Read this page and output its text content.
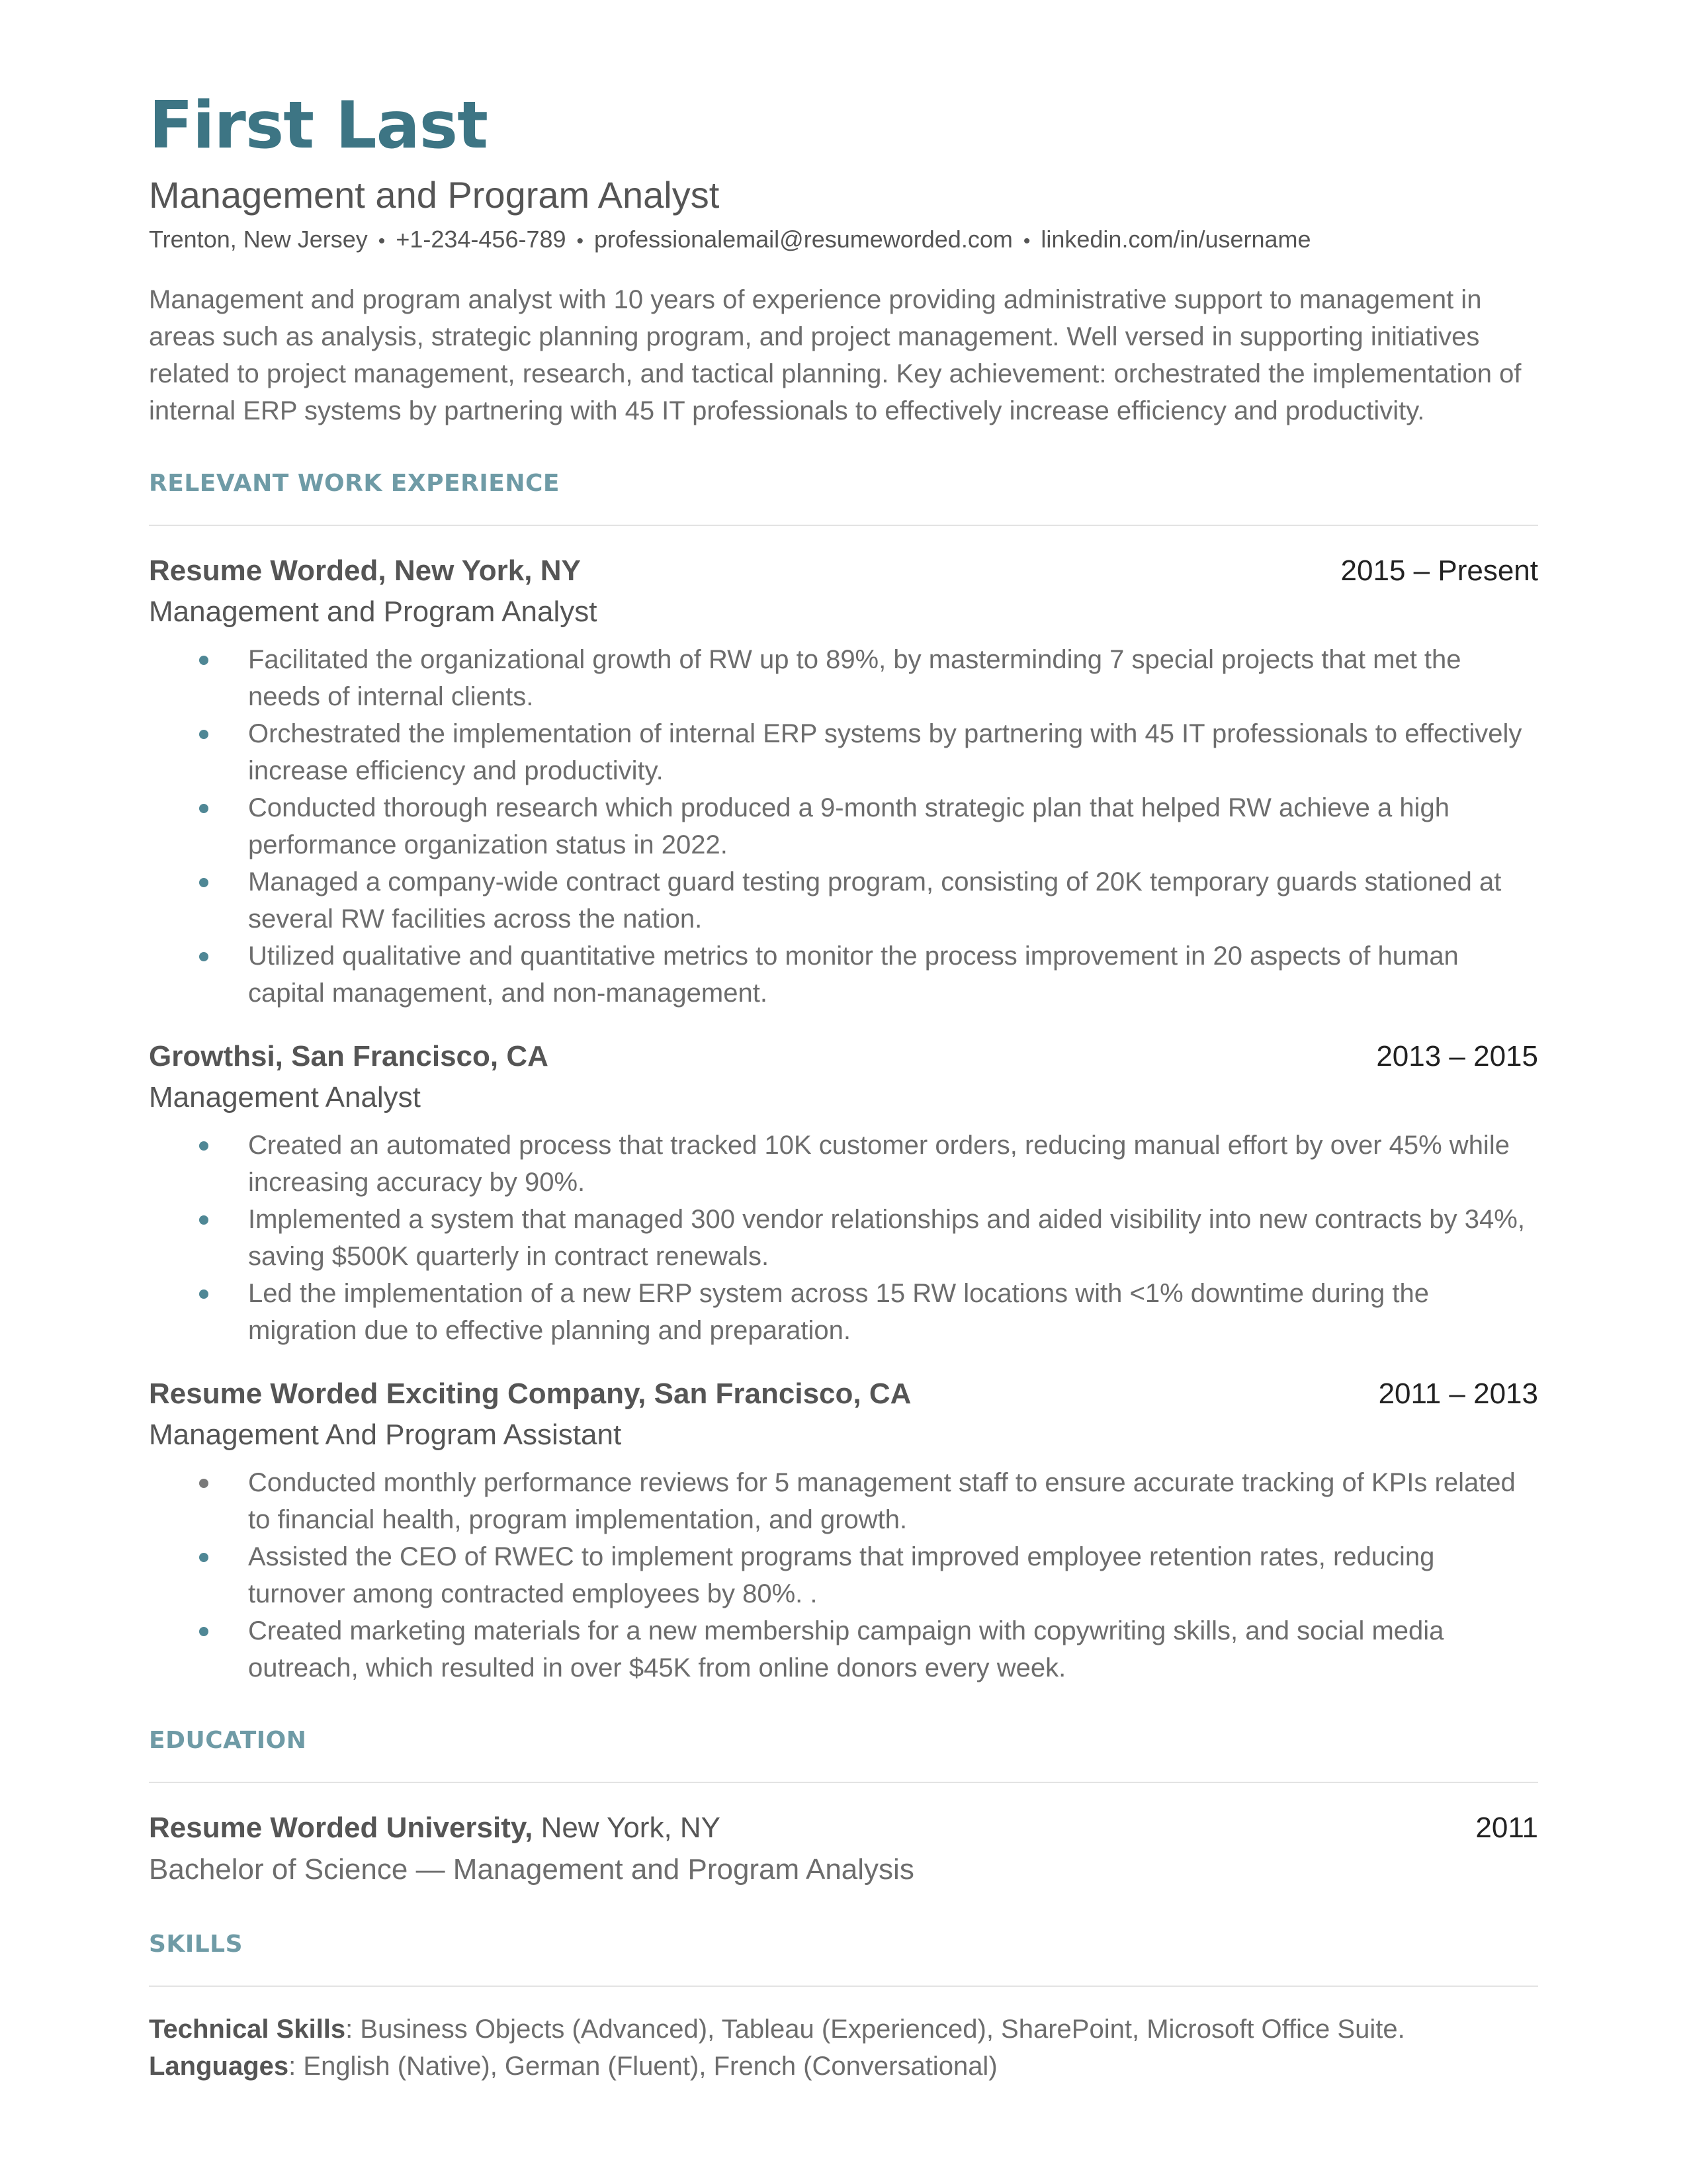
First Last
Management and Program Analyst
Trenton, New Jersey • +1-234-456-789 • professionalemail@resumeworded.com • linkedin.com/in/username
Management and program analyst with 10 years of experience providing administrative support to management in areas such as analysis, strategic planning program, and project management. Well versed in supporting initiatives related to project management, research, and tactical planning. Key achievement: orchestrated the implementation of internal ERP systems by partnering with 45 IT professionals to effectively increase efficiency and productivity.
RELEVANT WORK EXPERIENCE
Resume Worded, New York, NY	2015 – Present
Management and Program Analyst
Facilitated the organizational growth of RW up to 89%, by masterminding 7 special projects that met the needs of internal clients.
Orchestrated the implementation of internal ERP systems by partnering with 45 IT professionals to effectively increase efficiency and productivity.
Conducted thorough research which produced a 9-month strategic plan that helped RW achieve a high performance organization status in 2022.
Managed a company-wide contract guard testing program, consisting of 20K temporary guards stationed at several RW facilities across the nation.
Utilized qualitative and quantitative metrics to monitor the process improvement in 20 aspects of human capital management, and non-management.
Growthsi, San Francisco, CA	2013 – 2015
Management Analyst
Created an automated process that tracked 10K customer orders, reducing manual effort by over 45% while increasing accuracy by 90%.
Implemented a system that managed 300 vendor relationships and aided visibility into new contracts by 34%, saving $500K quarterly in contract renewals.
Led the implementation of a new ERP system across 15 RW locations with <1% downtime during the migration due to effective planning and preparation.
Resume Worded Exciting Company, San Francisco, CA	2011 – 2013
Management And Program Assistant
Conducted monthly performance reviews for 5 management staff to ensure accurate tracking of KPIs related to financial health, program implementation, and growth.
Assisted the CEO of RWEC to implement programs that improved employee retention rates, reducing turnover among contracted employees by 80%. .
Created marketing materials for a new membership campaign with copywriting skills, and social media outreach, which resulted in over $45K from online donors every week.
EDUCATION
Resume Worded University, New York, NY	2011
Bachelor of Science — Management and Program Analysis
SKILLS
Technical Skills: Business Objects (Advanced), Tableau (Experienced), SharePoint, Microsoft Office Suite.
Languages: English (Native), German (Fluent), French (Conversational)
